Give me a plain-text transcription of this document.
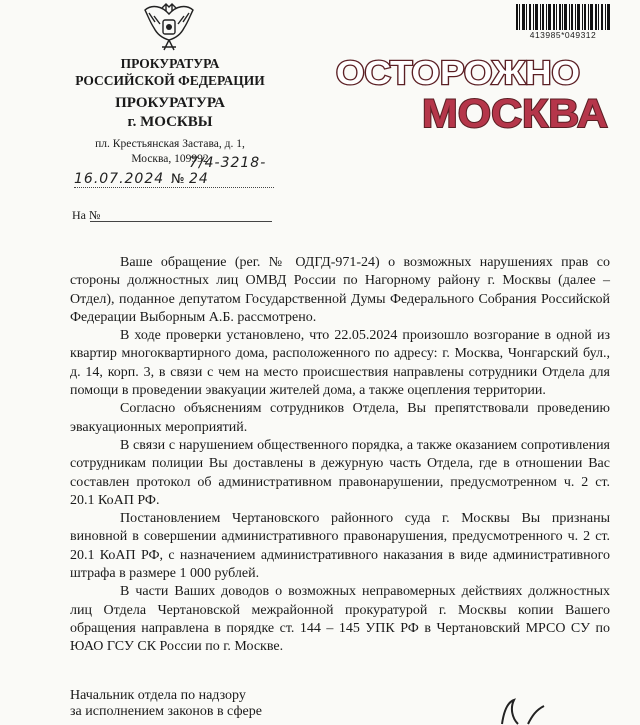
ПРОКУРАТУРА
РОССИЙСКОЙ ФЕДЕРАЦИИ
ПРОКУРАТУРА
г. МОСКВЫ
пл. Крестьянская Застава, д. 1,
Москва, 109992
16.07.2024 №
7/4-3218-24
На №
413985*049312
ОСТОРОЖНО
МОСКВА

Ваше обращение (рег. № ОДГД-971-24) о возможных нарушениях прав со стороны должностных лиц ОМВД России по Нагорному району г. Москвы (далее – Отдел), поданное депутатом Государственной Думы Федерального Собрания Российской Федерации Выборным А.Б. рассмотрено.

В ходе проверки установлено, что 22.05.2024 произошло возгорание в одной из квартир многоквартирного дома, расположенного по адресу: г. Москва, Чонгарский бул., д. 14, корп. 3, в связи с чем на место происшествия направлены сотрудники Отдела для помощи в проведении эвакуации жителей дома, а также оцепления территории.

Согласно объяснениям сотрудников Отдела, Вы препятствовали проведению эвакуационных мероприятий.

В связи с нарушением общественного порядка, а также оказанием сопротивления сотрудникам полиции Вы доставлены в дежурную часть Отдела, где в отношении Вас составлен протокол об административном правонарушении, предусмотренном ч. 2 ст. 20.1 КоАП РФ.

Постановлением Чертановского районного суда г. Москвы Вы признаны виновной в совершении административного правонарушения, предусмотренного ч. 2 ст. 20.1 КоАП РФ, с назначением административного наказания в виде административного штрафа в размере 1 000 рублей.

В части Ваших доводов о возможных неправомерных действиях должностных лиц Отдела Чертановской межрайонной прокуратурой г. Москвы копии Вашего обращения направлена в порядке ст. 144 – 145 УПК РФ в Чертановский МРСО СУ по ЮАО ГСУ СК России по г. Москве.

Начальник отдела по надзору
за исполнением законов в сфере
